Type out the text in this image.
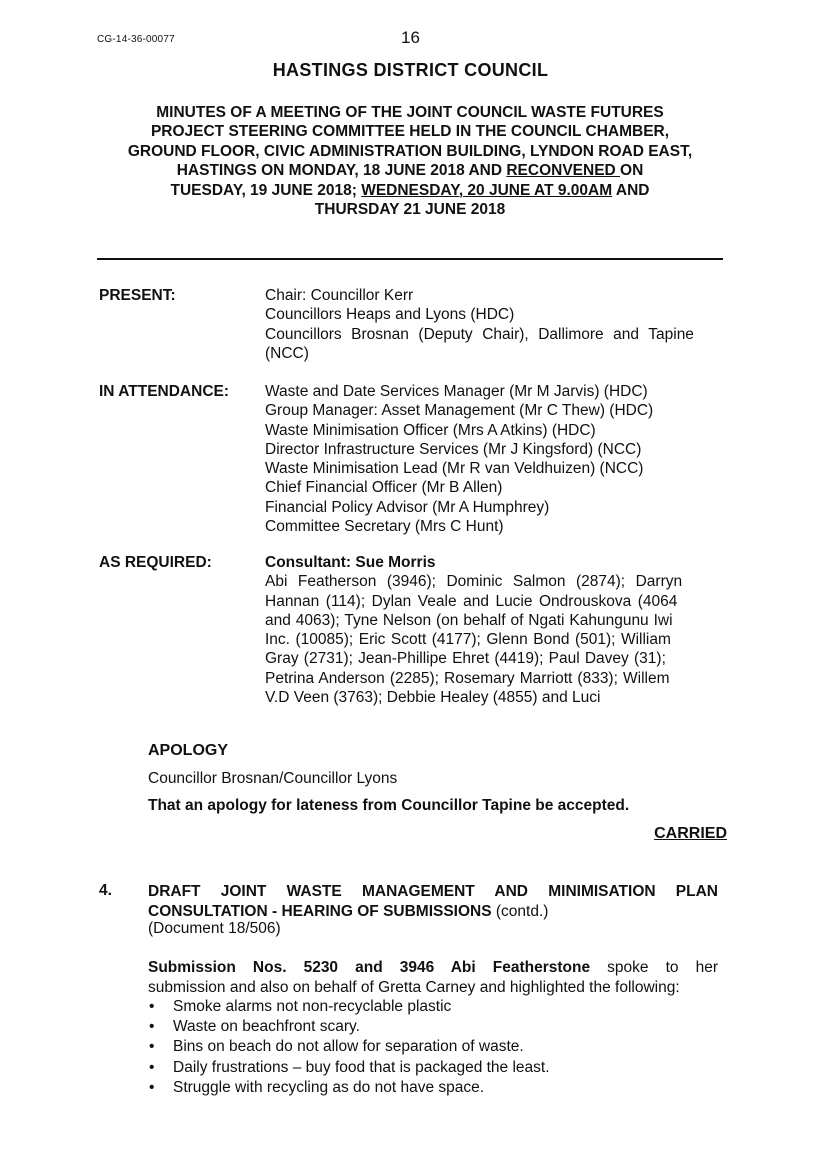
CG-14-36-00077	16
HASTINGS DISTRICT COUNCIL
MINUTES OF A MEETING OF THE JOINT COUNCIL WASTE FUTURES
PROJECT STEERING COMMITTEE HELD IN THE COUNCIL CHAMBER,
GROUND FLOOR, CIVIC ADMINISTRATION BUILDING, LYNDON ROAD EAST,
HASTINGS ON MONDAY, 18 JUNE 2018 AND RECONVENED ON
TUESDAY, 19 JUNE 2018; WEDNESDAY, 20 JUNE AT 9.00AM AND
THURSDAY 21 JUNE 2018
PRESENT:	Chair: Councillor Kerr
Councillors Heaps and Lyons (HDC)
Councillors Brosnan (Deputy Chair), Dallimore and Tapine
(NCC)
IN ATTENDANCE: Waste and Date Services Manager (Mr M Jarvis) (HDC)
Group Manager: Asset Management (Mr C Thew) (HDC)
Waste Minimisation Officer (Mrs A Atkins) (HDC)
Director Infrastructure Services (Mr J Kingsford) (NCC)
Waste Minimisation Lead (Mr R van Veldhuizen) (NCC)
Chief Financial Officer (Mr B Allen)
Financial Policy Advisor (Mr A Humphrey)
Committee Secretary (Mrs C Hunt)
AS REQUIRED:	Consultant: Sue Morris
Abi Featherson (3946); Dominic Salmon (2874); Darryn
Hannan (114); Dylan Veale and Lucie Ondrouskova (4064
and 4063); Tyne Nelson (on behalf of Ngati Kahungunu Iwi
Inc. (10085); Eric Scott (4177); Glenn Bond (501); William
Gray (2731); Jean-Phillipe Ehret (4419); Paul Davey (31);
Petrina Anderson (2285); Rosemary Marriott (833); Willem
V.D Veen (3763); Debbie Healey (4855) and Luci
APOLOGY
Councillor Brosnan/Councillor Lyons
That an apology for lateness from Councillor Tapine be accepted.
CARRIED
4. DRAFT JOINT WASTE MANAGEMENT AND MINIMISATION PLAN
CONSULTATION - HEARING OF SUBMISSIONS (contd.)
(Document 18/506)
Submission Nos. 5230 and 3946 Abi Featherstone spoke to her
submission and also on behalf of Gretta Carney and highlighted the following:
• Smoke alarms not non-recyclable plastic
• Waste on beachfront scary.
• Bins on beach do not allow for separation of waste.
• Daily frustrations – buy food that is packaged the least.
• Struggle with recycling as do not have space.
